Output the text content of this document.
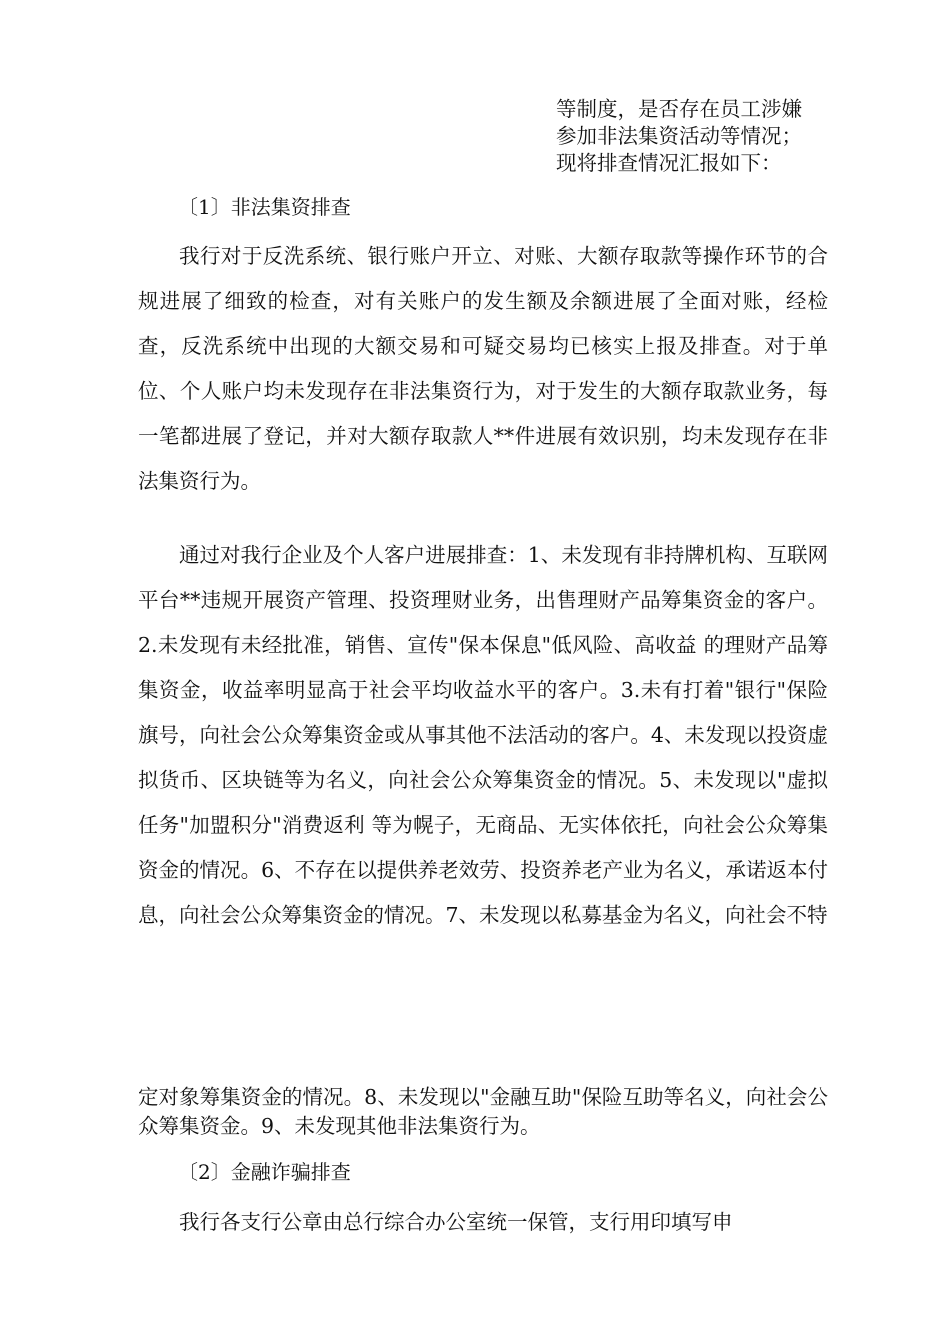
等制度，是否存在员工涉嫌
参加非法集资活动等情况；
现将排查情况汇报如下：

〔1〕非法集资排查

我行对于反洗系统、银行账户开立、对账、大额存取款等操作环节的合规进展了细致的检查，对有关账户的发生额及余额进展了全面对账，经检查，反洗系统中出现的大额交易和可疑交易均已核实上报及排查。对于单位、个人账户均未发现存在非法集资行为，对于发生的大额存取款业务，每一笔都进展了登记，并对大额存取款人**件进展有效识别，均未发现存在非法集资行为。

通过对我行企业及个人客户进展排查：1、未发现有非持牌机构、互联网平台**违规开展资产管理、投资理财业务，出售理财产品筹集资金的客户。2.未发现有未经批准，销售、宣传"保本保息"低风险、高收益 的理财产品筹集资金，收益率明显高于社会平均收益水平的客户。3.未有打着"银行"保险 旗号，向社会公众筹集资金或从事其他不法活动的客户。4、未发现以投资虚拟货币、区块链等为名义，向社会公众筹集资金的情况。5、未发现以"虚拟任务"加盟积分"消费返利 等为幌子，无商品、无实体依托，向社会公众筹集资金的情况。6、不存在以提供养老效劳、投资养老产业为名义，承诺返本付息，向社会公众筹集资金的情况。7、未发现以私募基金为名义，向社会不特

定对象筹集资金的情况。8、未发现以"金融互助"保险互助等名义，向社会公众筹集资金。9、未发现其他非法集资行为。

〔2〕金融诈骗排查

我行各支行公章由总行综合办公室统一保管，支行用印填写申
